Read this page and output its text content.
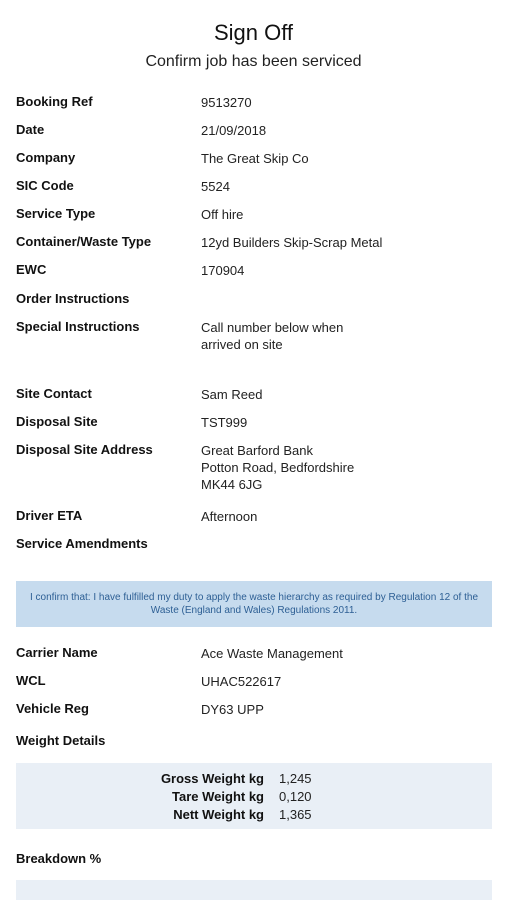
Sign Off
Confirm job has been serviced
Booking Ref	9513270
Date	21/09/2018
Company	The Great Skip Co
SIC Code	5524
Service Type	Off hire
Container/Waste Type	12yd Builders Skip-Scrap Metal
EWC	170904
Order Instructions
Special Instructions	Call number below when
arrived on site
Site Contact	Sam Reed
Disposal Site	TST999
Disposal Site Address	Great Barford Bank
Potton Road, Bedfordshire
MK44 6JG
Driver ETA	Afternoon
Service Amendments
I confirm that: I have fulfilled my duty to apply the waste hierarchy as required by Regulation 12 of the Waste (England and Wales) Regulations 2011.
Carrier Name	Ace Waste Management
WCL	UHAC522617
Vehicle Reg	DY63 UPP
Weight Details
Gross Weight kg 1,245
Tare Weight kg 0,120
Nett Weight kg 1,365
Breakdown %
